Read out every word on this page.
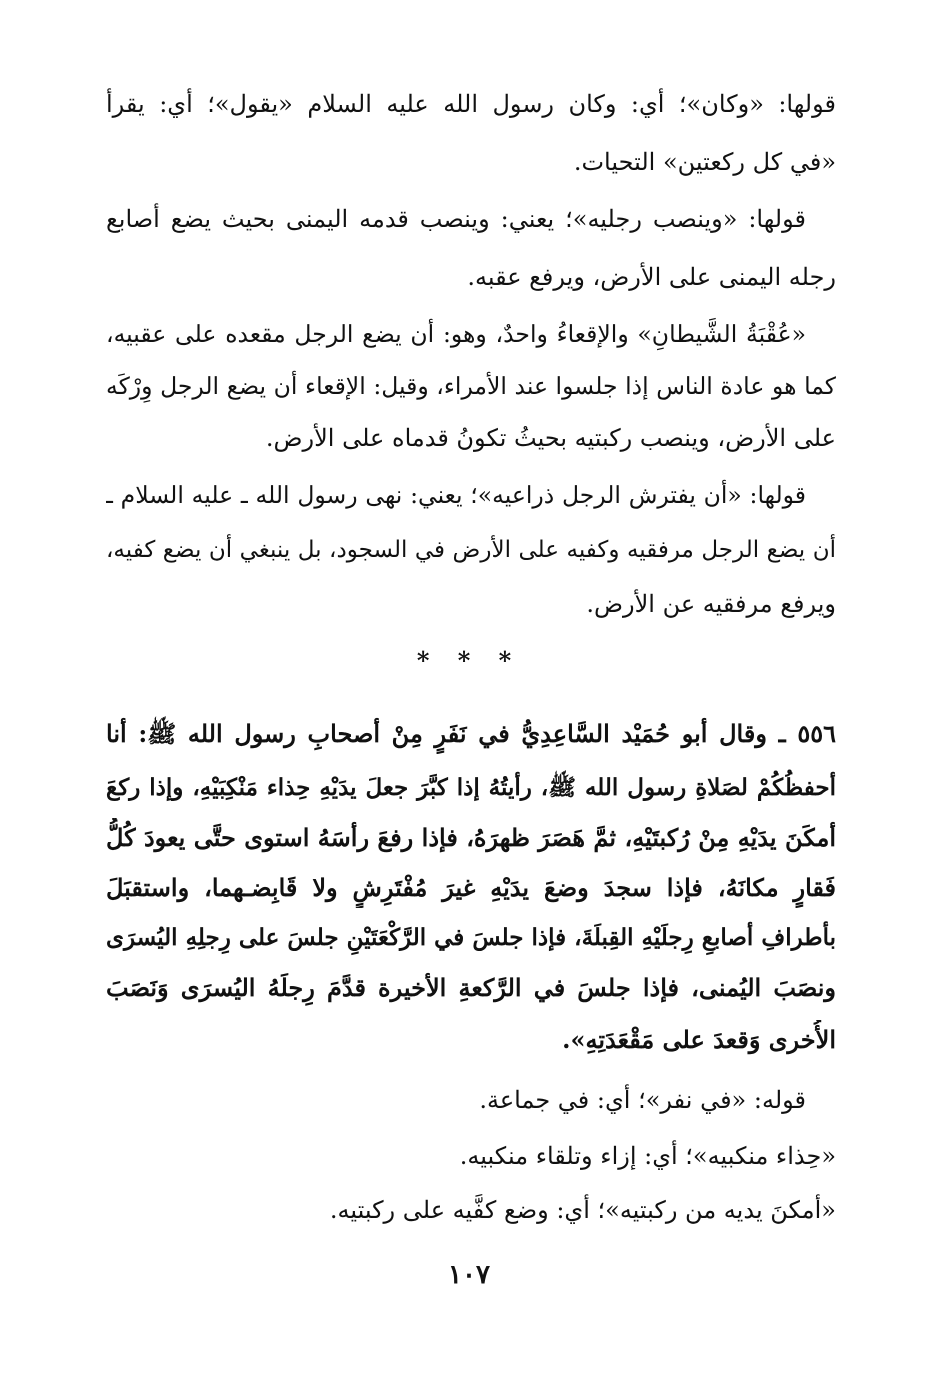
قولها: «وكان»؛ أي: وكان رسول الله عليه السلام «يقول»؛ أي: يقرأ
«في كل ركعتين» التحيات.
قولها: «وينصب رجليه»؛ يعني: وينصب قدمه اليمنى بحيث يضع أصابع
رجله اليمنى على الأرض، ويرفع عقبه.
«عُقْبَةُ الشَّيطانِ» والإقعاءُ واحدٌ، وهو: أن يضع الرجل مقعده على عقبيه،
كما هو عادة الناس إذا جلسوا عند الأمراء، وقيل: الإقعاء أن يضع الرجل وِرْكَه
على الأرض، وينصب ركبتيه بحيثُ تكونُ قدماه على الأرض.
قولها: «أن يفترش الرجل ذراعيه»؛ يعني: نهى رسول الله ـ عليه السلام ـ
أن يضع الرجل مرفقيه وكفيه على الأرض في السجود، بل ينبغي أن يضع كفيه،
ويرفع مرفقيه عن الأرض.
* * *
٥٥٦ ـ وقال أبو حُمَيْد السَّاعِدِيُّ في نَفَرٍ مِنْ أصحابِ رسول الله ﷺ: أنا
أحفظُكُمْ لصَلاةِ رسول الله ﷺ، رأيتُهُ إذا كبَّرَ جعلَ يدَيْهِ حِذاء مَنْكِبَيْهِ، وإذا ركعَ
أمكَنَ يدَيْهِ مِنْ رُكبتَيْهِ، ثمَّ هَصَرَ ظهرَهُ، فإذا رفعَ رأسَهُ استوى حتَّى يعودَ كُلُّ
فَقارٍ مكانَهُ، فإذا سجدَ وضعَ يدَيْهِ غيرَ مُفْتَرِشٍ ولا قَابِضـهما، واستقبَلَ
بأطرافِ أصابعِ رِجلَيْهِ القِبلَةَ، فإذا جلسَ في الرَّكْعَتَيْنِ جلسَ على رِجلِهِ اليُسرَى
ونصَبَ اليُمنى، فإذا جلسَ في الرَّكعةِ الأخيرة قدَّمَ رِجلَهُ اليُسرَى وَنَصَبَ
الأُخرى وَقعدَ على مَقْعَدَتِهِ».
قوله: «في نفر»؛ أي: في جماعة.
«حِذاء منكبيه»؛ أي: إزاء وتلقاء منكبيه.
«أمكنَ يديه من ركبتيه»؛ أي: وضع كفَّيه على ركبتيه.
١٠٧
